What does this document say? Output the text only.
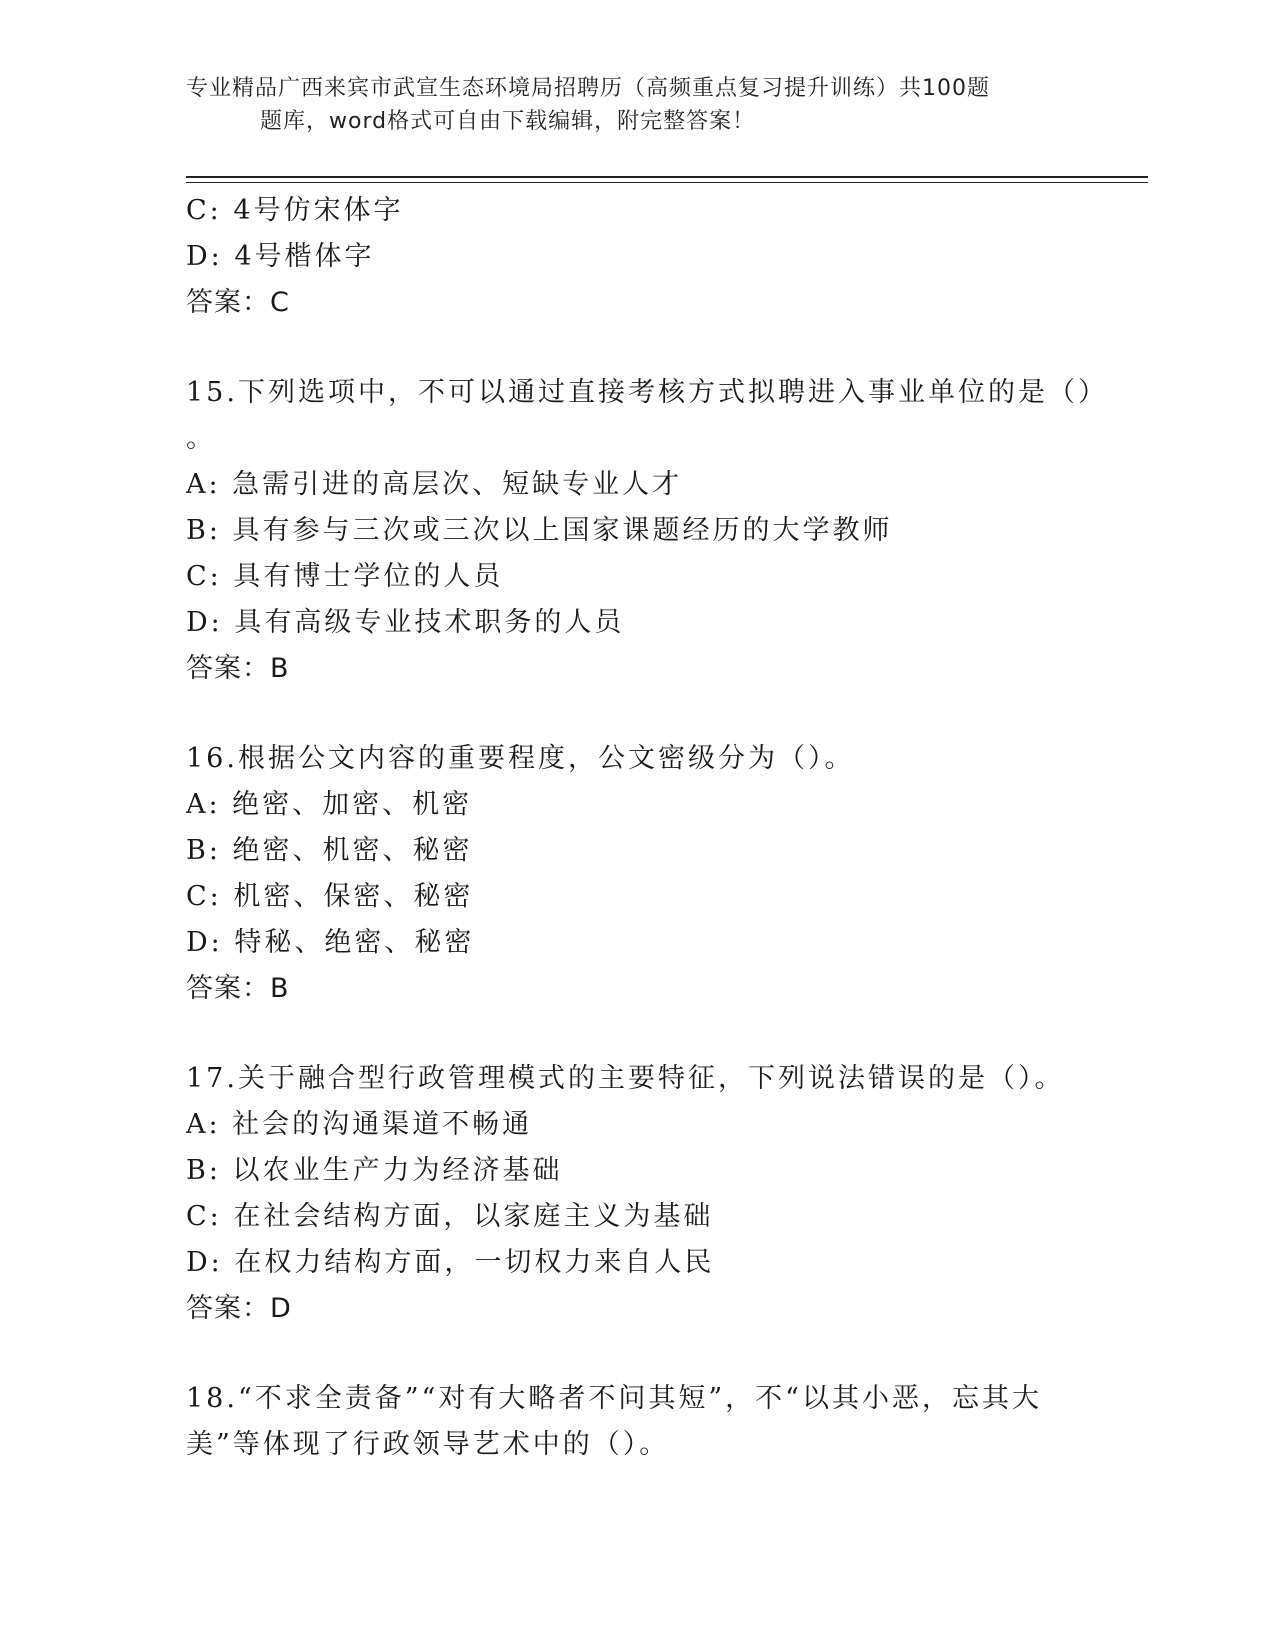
专业精品广西来宾市武宣生态环境局招聘历（高频重点复习提升训练）共100题
题库，word格式可自由下载编辑，附完整答案！
C: 4号仿宋体字
D: 4号楷体字
答案：C
15.下列选项中，不可以通过直接考核方式拟聘进入事业单位的是（）
。
A: 急需引进的高层次、短缺专业人才
B: 具有参与三次或三次以上国家课题经历的大学教师
C: 具有博士学位的人员
D: 具有高级专业技术职务的人员
答案：B
16.根据公文内容的重要程度，公文密级分为（）。
A: 绝密、加密、机密
B: 绝密、机密、秘密
C: 机密、保密、秘密
D: 特秘、绝密、秘密
答案：B
17.关于融合型行政管理模式的主要特征，下列说法错误的是（）。
A: 社会的沟通渠道不畅通
B: 以农业生产力为经济基础
C: 在社会结构方面，以家庭主义为基础
D: 在权力结构方面，一切权力来自人民
答案：D
18.“不求全责备”“对有大略者不问其短”，不“以其小恶，忘其大
美”等体现了行政领导艺术中的（）。
